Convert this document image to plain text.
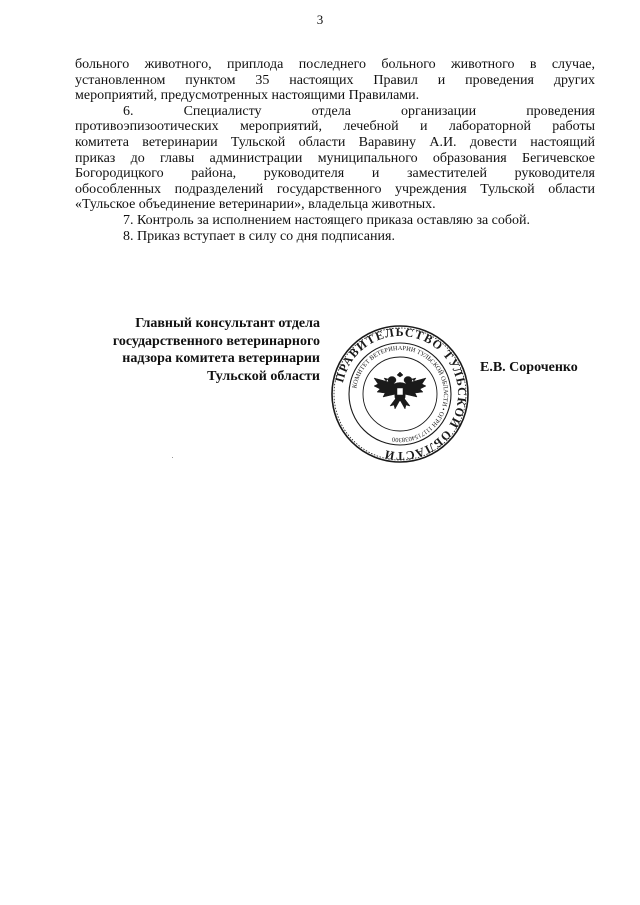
3
больного животного, приплода последнего больного животного в случае,
установленном пунктом 35 настоящих Правил и проведения других
мероприятий, предусмотренных настоящими Правилами.
6. Специалисту отдела организации проведения
противоэпизоотических мероприятий, лечебной и лабораторной работы
комитета ветеринарии Тульской области Варавину А.И. довести настоящий
приказ до главы администрации муниципального образования Бегичевское
Богородицкого района, руководителя и заместителей руководителя
обособленных подразделений государственного учреждения Тульской области
«Тульское объединение ветеринарии», владельца животных.
7. Контроль за исполнением настоящего приказа оставляю за собой.
8. Приказ вступает в силу со дня подписания.
Главный консультант отдела
государственного ветеринарного
надзора комитета ветеринарии
Тульской области
Е.В. Сороченко
ПРАВИТЕЛЬСТВО ТУЛЬСКОЙ ОБЛАСТИ
КОМИТЕТ ВЕТЕРИНАРИИ ТУЛЬСКОЙ ОБЛАСТИ • ОГРН 1117154038300
